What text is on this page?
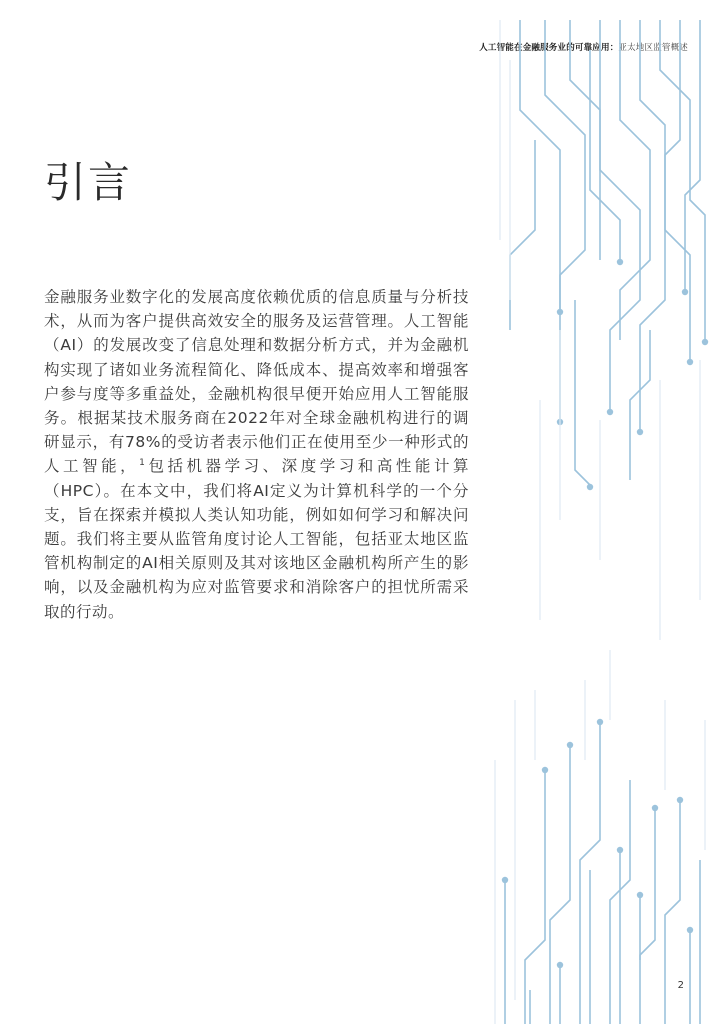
人工智能在金融服务业的可靠应用：亚太地区监管概述
引言

金融服务业数字化的发展高度依赖优质的信息质量与分析技术，从而为客户提供高效安全的服务及运营管理。人工智能（AI）的发展改变了信息处理和数据分析方式，并为金融机构实现了诸如业务流程简化、降低成本、提高效率和增强客户参与度等多重益处，金融机构很早便开始应用人工智能服务。根据某技术服务商在2022年对全球金融机构进行的调研显示，有78%的受访者表示他们正在使用至少一种形式的人工智能，$^1$包括机器学习、深度学习和高性能计算（HPC）。在本文中，我们将AI定义为计算机科学的一个分支，旨在探索并模拟人类认知功能，例如如何学习和解决问题。我们将主要从监管角度讨论人工智能，包括亚太地区监管机构制定的AI相关原则及其对该地区金融机构所产生的影响，以及金融机构为应对监管要求和消除客户的担忧所需采取的行动。

2
